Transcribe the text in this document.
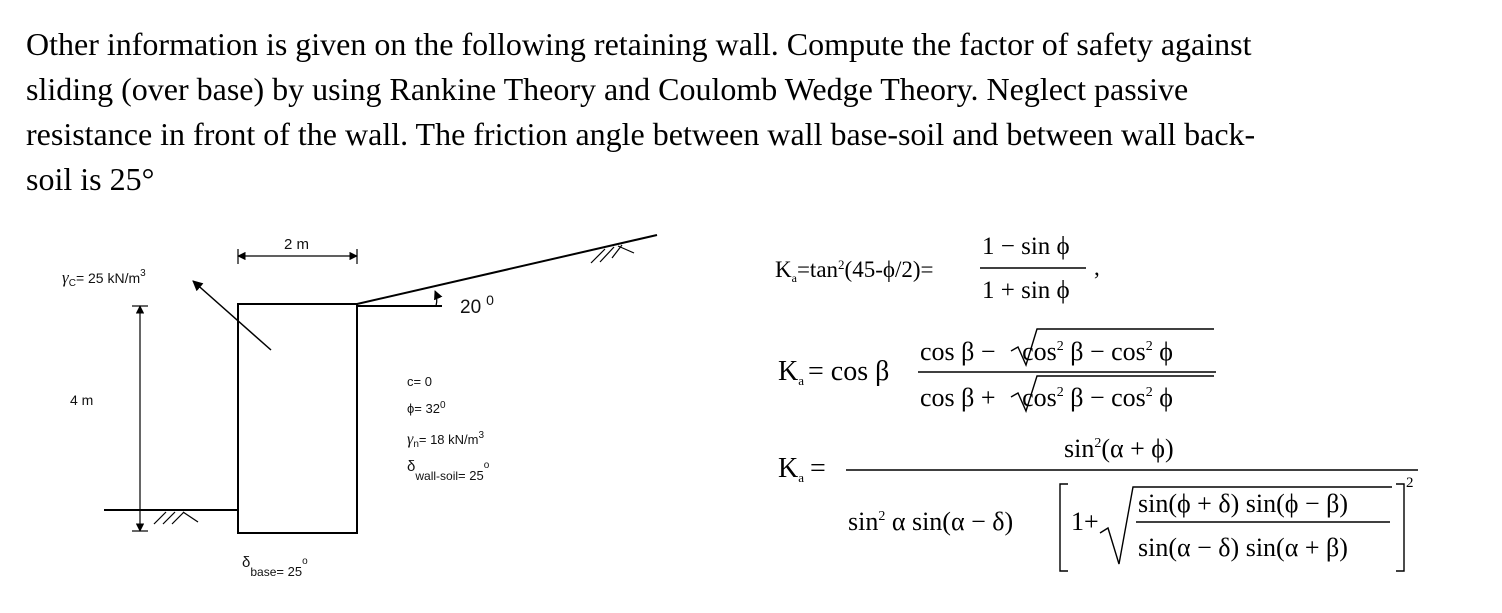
Other information is given on the following retaining wall. Compute the factor of safety against
sliding (over base) by using Rankine Theory and Coulomb Wedge Theory. Neglect passive
resistance in front of the wall. The friction angle between wall base-soil and between wall back-
soil is 25°
2 m
$\gamma_C= 25$ $kN/m^3$
20 $^0$
4 m
c= 0
$\phi= 32^0$
$\gamma_n= 18$ $kN/m^3$
δwall-soil= $25^o$
δbase= $25^o$
$K_a=\tan^2(45-\phi/2)=$
1 − sin ϕ
1 + sin ϕ
,
Ka = cos β
$\cos \beta - \cos^2 \beta - \cos^2 \phi$
$\cos \beta + \cos^2 \beta - \cos^2 \phi$
Ka =
$\sin^2(\alpha + \phi)$
$\sin^2 \alpha$ sin(α − δ) 1+
sin(ϕ + δ) sin(ϕ − β)
sin(α − δ) sin(α + β)
2
